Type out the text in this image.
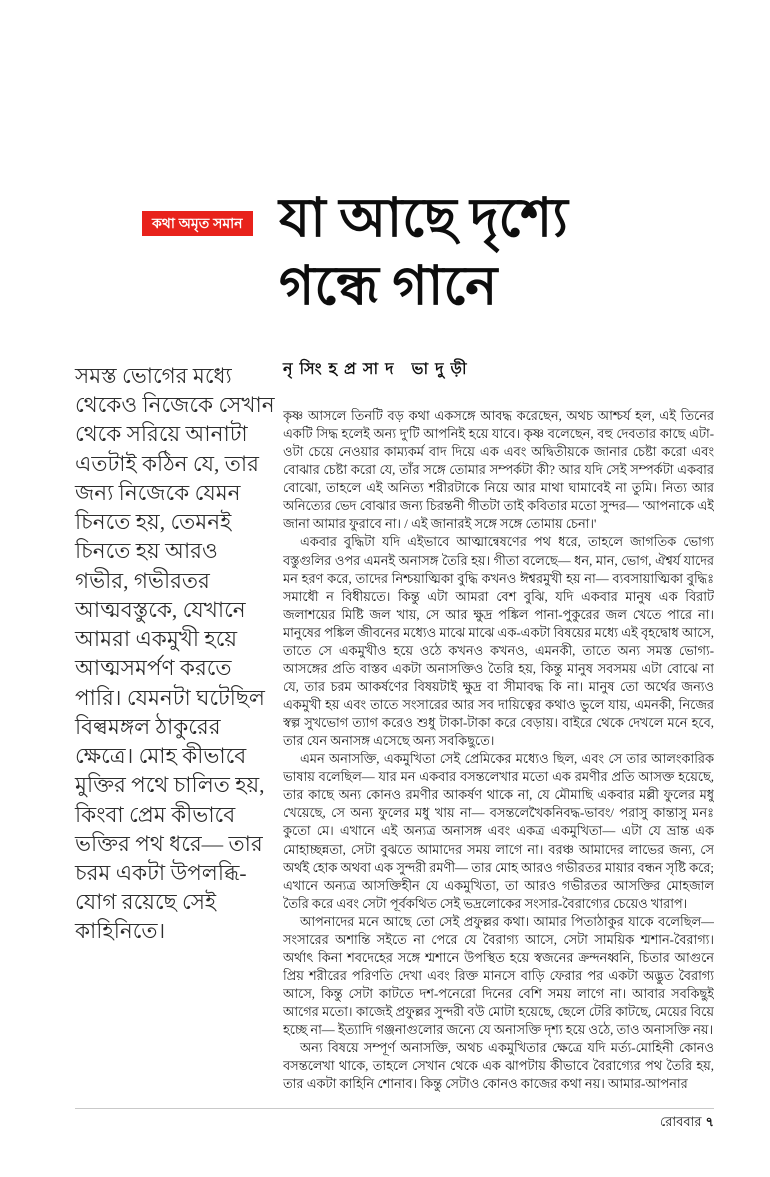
কথা অমৃত সমান যা আছে দৃশ্যে
গন্ধে গানে
নৃসিংহপ্রসাদ ভাদুড়ী
সমস্ত ভোগের মধ্যে থেকেও নিজেকে সেখান থেকে সরিয়ে আনাটা এতটাই কঠিন যে, তার জন্য নিজেকে যেমন চিনতে হয়, তেমনই চিনতে হয় আরও গভীর, গভীরতর আত্মবস্তুকে, যেখানে আমরা একমুখী হয়ে আত্মসমর্পণ করতে পারি। যেমনটা ঘটেছিল বিল্বমঙ্গল ঠাকুরের ক্ষেত্রে। মোহ কীভাবে মুক্তির পথে চালিত হয়, কিংবা প্রেম কীভাবে ভক্তির পথ ধরে— তার চরম একটা উপলব্ধি-যোগ রয়েছে সেই কাহিনিতে।

কৃষ্ণ আসলে তিনটি বড় কথা একসঙ্গে আবদ্ধ করেছেন, অথচ আশ্চর্য হল, এই তিনের একটি সিদ্ধ হলেই অন্য দু'টি আপনিই হয়ে যাবে। কৃষ্ণ বলেছেন, বহু দেবতার কাছে এটা-ওটা চেয়ে নেওয়ার কাম্যকর্ম বাদ দিয়ে এক এবং অদ্বিতীয়কে জানার চেষ্টা করো এবং বোঝার চেষ্টা করো যে, তাঁর সঙ্গে তোমার সম্পর্কটা কী? আর যদি সেই সম্পর্কটা একবার বোঝো, তাহলে এই অনিত্য শরীরটাকে নিয়ে আর মাথা ঘামাবেই না তুমি। নিত্য আর অনিত্যের ভেদ বোঝার জন্য চিরন্তনী গীতটা তাই কবিতার মতো সুন্দর— 'আপনাকে এই জানা আমার ফুরাবে না। / এই জানারই সঙ্গে সঙ্গে তোমায় চেনা।'

একবার বুদ্ধিটা যদি এইভাবে আত্মান্বেষণের পথ ধরে, তাহলে জাগতিক ভোগ্য বস্তুগুলির ওপর এমনই অনাসঙ্গ তৈরি হয়। গীতা বলেছে— ধন, মান, ভোগ, ঐশ্বর্য যাদের মন হরণ করে, তাদের নিশ্চয়াত্মিকা বুদ্ধি কখনও ঈশ্বরমুখী হয় না— ব্যবসায়াত্মিকা বুদ্ধিঃ সমাধৌ ন বিধীয়তে। কিন্তু এটা আমরা বেশ বুঝি, যদি একবার মানুষ এক বিরাট জলাশয়ের মিষ্টি জল খায়, সে আর ক্ষুদ্র পঙ্কিল পানা-পুকুরের জল খেতে পারে না। মানুষের পঙ্কিল জীবনের মধ্যেও মাঝে মাঝে এক-একটা বিষয়ের মধ্যে এই বৃহদ্বোধ আসে, তাতে সে একমুখীও হয়ে ওঠে কখনও কখনও, এমনকী, তাতে অন্য সমস্ত ভোগ্য-আসঙ্গের প্রতি বাস্তব একটা অনাসক্তিও তৈরি হয়, কিন্তু মানুষ সবসময় এটা বোঝে না যে, তার চরম আকর্ষণের বিষয়টাই ক্ষুদ্র বা সীমাবদ্ধ কি না। মানুষ তো অর্থের জন্যও একমুখী হয় এবং তাতে সংসারের আর সব দায়িত্বের কথাও ভুলে যায়, এমনকী, নিজের স্বল্প সুখভোগ ত্যাগ করেও শুধু টাকা-টাকা করে বেড়ায়। বাইরে থেকে দেখলে মনে হবে, তার যেন অনাসঙ্গ এসেছে অন্য সবকিছুতে।

এমন অনাসক্তি, একমুখিতা সেই প্রেমিকের মধ্যেও ছিল, এবং সে তার আলংকারিক ভাষায় বলেছিল— যার মন একবার বসন্তলেখার মতো এক রমণীর প্রতি আসক্ত হয়েছে, তার কাছে অন্য কোনও রমণীর আকর্ষণ থাকে না, যে মৌমাছি একবার মল্লী ফুলের মধু খেয়েছে, সে অন্য ফুলের মধু খায় না— বসন্তলেখৈকনিবদ্ধ-ভাবং/ পরাসু কান্তাসু মনঃ কুতো মে। এখানে এই অন্যত্র অনাসঙ্গ এবং একত্র একমুখিতা— এটা যে ভ্রান্ত এক মোহাচ্ছন্নতা, সেটা বুঝতে আমাদের সময় লাগে না। বরঞ্চ আমাদের লাভের জন্য, সে অর্থই হোক অথবা এক সুন্দরী রমণী— তার মোহ আরও গভীরতর মায়ার বন্ধন সৃষ্টি করে; এখানে অন্যত্র আসক্তিহীন যে একমুখিতা, তা আরও গভীরতর আসক্তির মোহজাল তৈরি করে এবং সেটা পূর্বকথিত সেই ভদ্রলোকের সংসার-বৈরাগ্যের চেয়েও খারাপ।

আপনাদের মনে আছে তো সেই প্রফুল্লর কথা। আমার পিতাঠাকুর যাকে বলেছিল— সংসারের অশান্তি সইতে না পেরে যে বৈরাগ্য আসে, সেটা সাময়িক শ্মশান-বৈরাগ্য। অর্থাৎ কিনা শবদেহের সঙ্গে শ্মশানে উপস্থিত হয়ে স্বজনের ক্রন্দনধ্বনি, চিতার আগুনে প্রিয় শরীরের পরিণতি দেখা এবং রিক্ত মানসে বাড়ি ফেরার পর একটা অদ্ভুত বৈরাগ্য আসে, কিন্তু সেটা কাটতে দশ-পনেরো দিনের বেশি সময় লাগে না। আবার সবকিছুই আগের মতো। কাজেই প্রফুল্লর সুন্দরী বউ মোটা হয়েছে, ছেলে টেরি কাটছে, মেয়ের বিয়ে হচ্ছে না— ইত্যাদি গঞ্জনাগুলোর জন্যে যে অনাসক্তি দৃশ্য হয়ে ওঠে, তাও অনাসক্তি নয়।

অন্য বিষয়ে সম্পূর্ণ অনাসক্তি, অথচ একমুখিতার ক্ষেত্রে যদি মর্ত্য-মোহিনী কোনও বসন্তলেখা থাকে, তাহলে সেখান থেকে এক ঝাপটায় কীভাবে বৈরাগ্যের পথ তৈরি হয়, তার একটা কাহিনি শোনাব। কিন্তু সেটাও কোনও কাজের কথা নয়। আমার-আপনার

রোববার ৭
